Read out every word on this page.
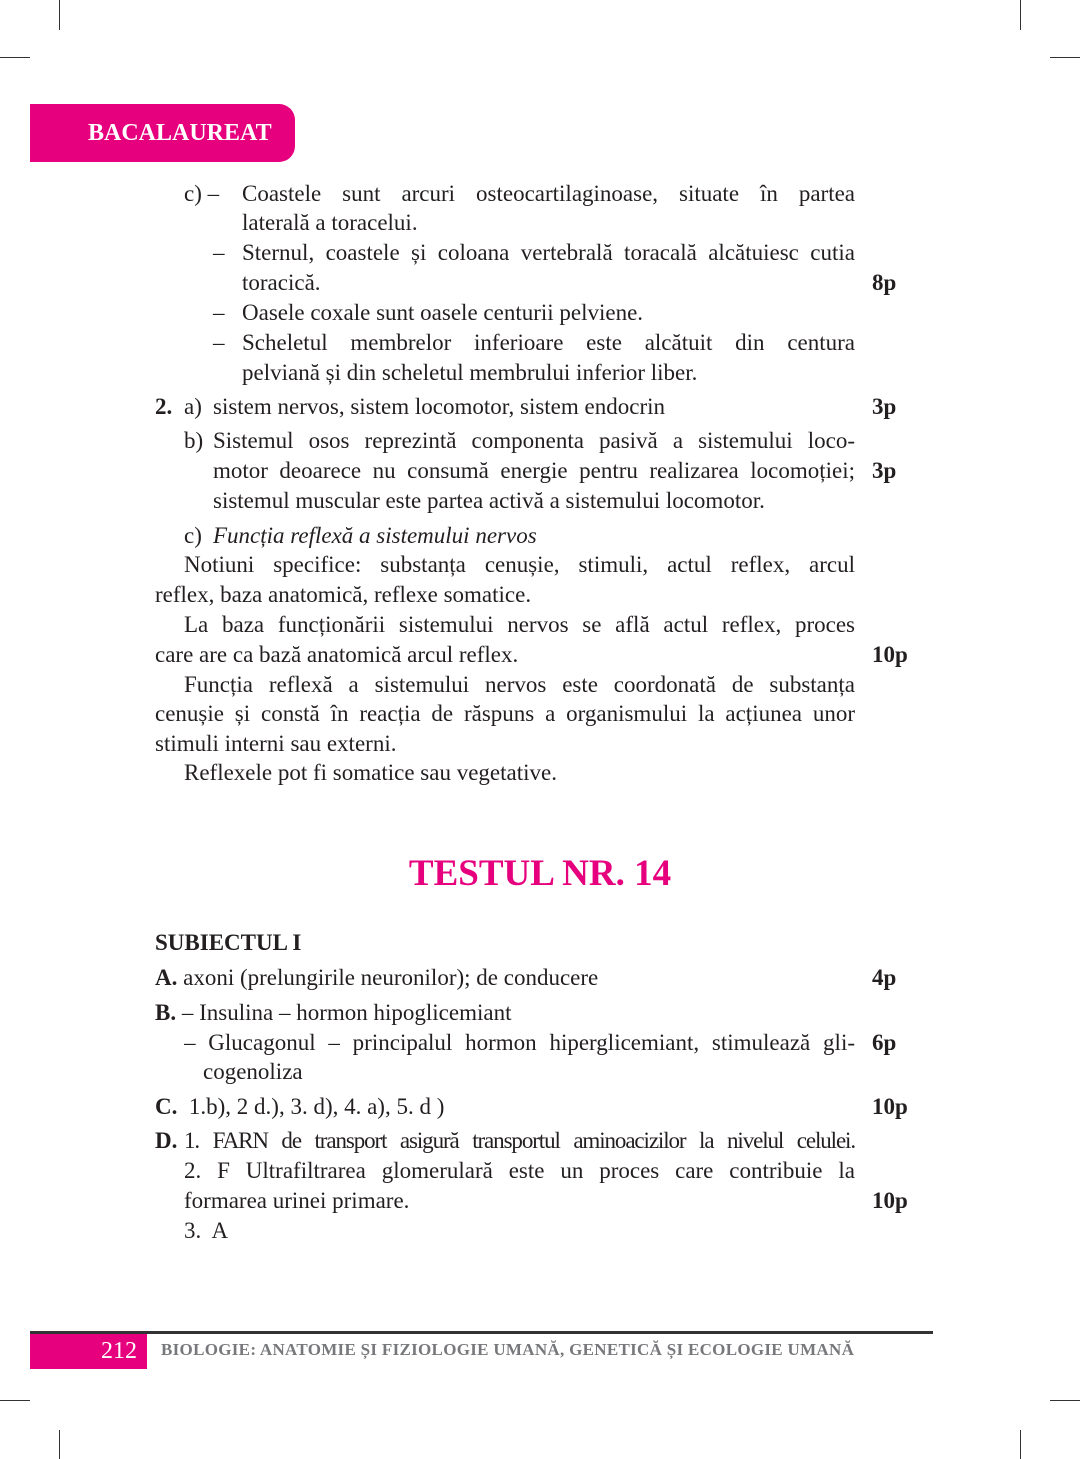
BACALAUREAT
c) – Coastele sunt arcuri osteocartilaginoase, situate în partea
laterală a toracelui.
– Sternul, coastele și coloana vertebrală toracală alcătuiesc cutia
toracică.	8p
– Oasele coxale sunt oasele centurii pelviene.
– Scheletul membrelor inferioare este alcătuit din centura
pelviană și din scheletul membrului inferior liber.
2. a) sistem nervos, sistem locomotor, sistem endocrin	3p
b) Sistemul osos reprezintă componenta pasivă a sistemului loco-
motor deoarece nu consumă energie pentru realizarea locomoției; 3p
sistemul muscular este partea activă a sistemului locomotor.
c) Funcția reflexă a sistemului nervos
Notiuni specifice: substanța cenușie, stimuli, actul reflex, arcul
reflex, baza anatomică, reflexe somatice.
La baza funcționării sistemului nervos se află actul reflex, proces
care are ca bază anatomică arcul reflex.	10p
Funcția reflexă a sistemului nervos este coordonată de substanța
cenușie și constă în reacția de răspuns a organismului la acțiunea unor
stimuli interni sau externi.
Reflexele pot fi somatice sau vegetative.
TESTUL NR. 14
SUBIECTUL I
A. axoni (prelungirile neuronilor); de conducere	4p
B. – Insulina – hormon hipoglicemiant
– Glucagonul – principalul hormon hiperglicemiant, stimulează gli- 6p
cogenoliza
C.  1.b), 2 d.), 3. d), 4. a), 5. d )	10p
D. 1. FARN de transport asigură transportul aminoacizilor la nivelul celulei.
2. F Ultrafiltrarea glomerulară este un proces care contribuie la
formarea urinei primare.	10p
3.  A
212	BIOLOGIE: ANATOMIE ȘI FIZIOLOGIE UMANĂ, GENETICĂ ȘI ECOLOGIE UMANĂ
